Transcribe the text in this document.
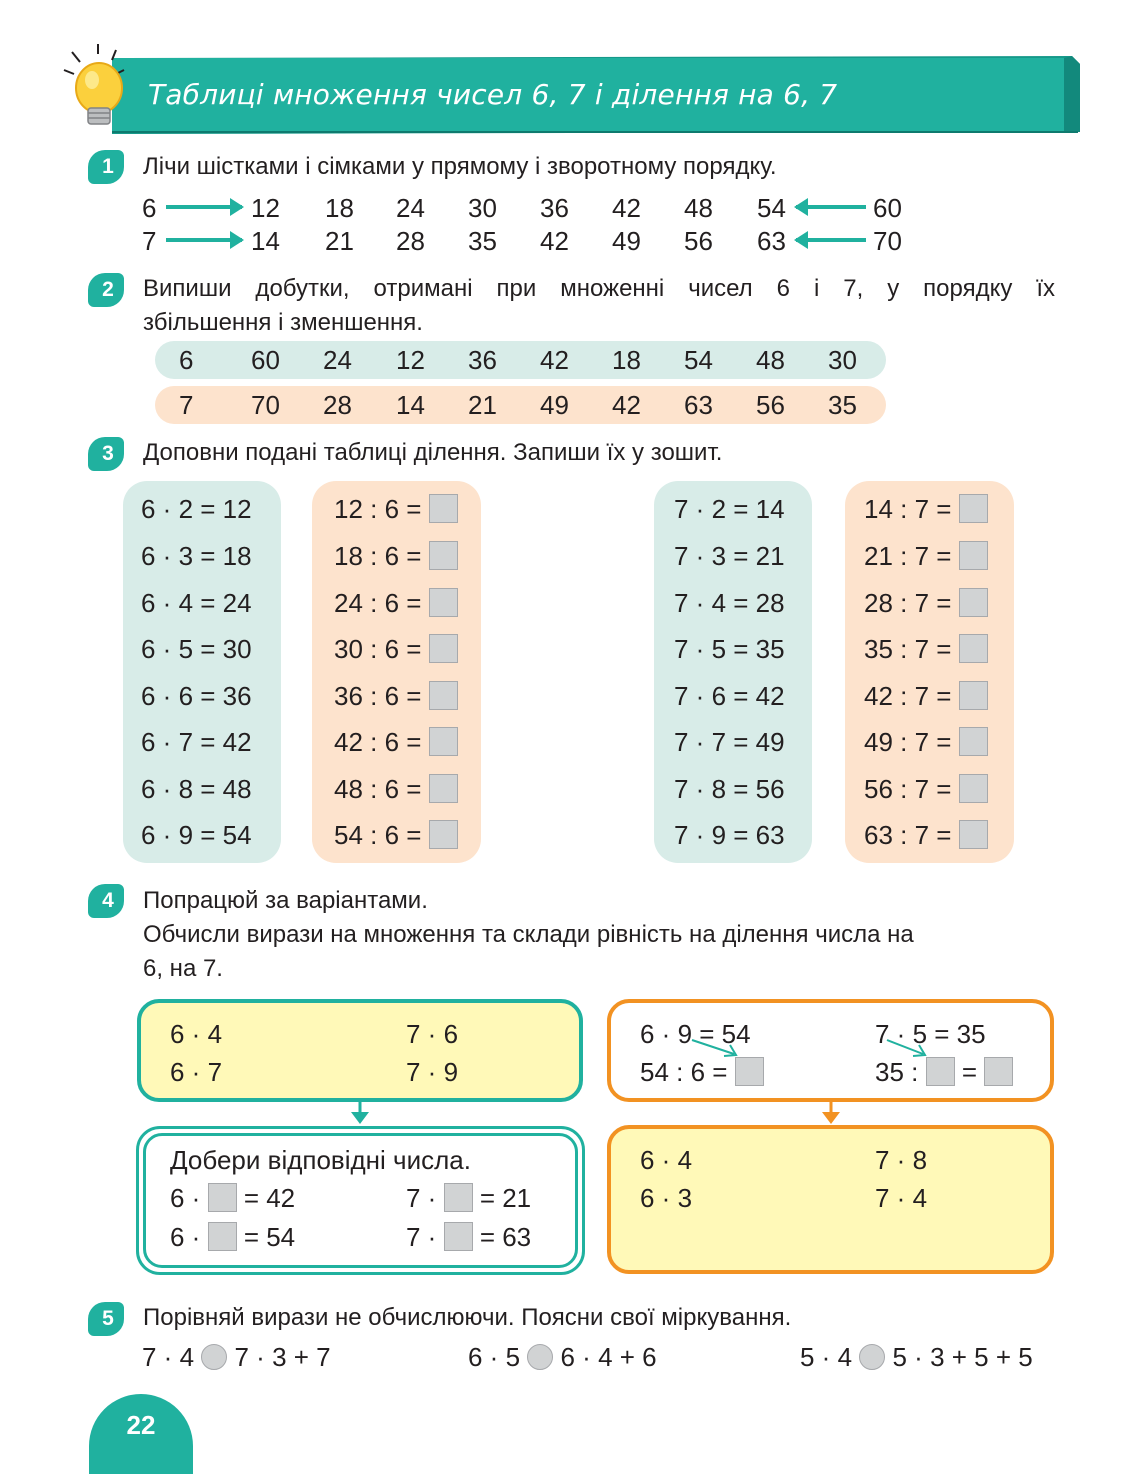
Таблиці множення чисел 6, 7 і ділення на 6, 7
1	Лічи шістками і сімками у прямому і зворотному порядку.
6	12 18 24 30 36 42 48 54	60
7	14 21 28 35 42 49 56 63	70
2	Випиши добутки, отримані при множенні чисел 6 і 7, у порядку їх
збільшення і зменшення.
6 60 24 12 36 42 18 54 48 30
7 70 28 14 21 49 42 63 56 35
3	Доповни подані таблиці ділення. Запиши їх у зошит.
6 · 2 = 12
6 · 3 = 18
6 · 4 = 24
6 · 5 = 30
6 · 6 = 36
6 · 7 = 42
6 · 8 = 48
6 · 9 = 54
12 : 6 =
18 : 6 =
24 : 6 =
30 : 6 =
36 : 6 =
42 : 6 =
48 : 6 =
54 : 6 =
7 · 2 = 14
7 · 3 = 21
7 · 4 = 28
7 · 5 = 35
7 · 6 = 42
7 · 7 = 49
7 · 8 = 56
7 · 9 = 63
14 : 7 =
21 : 7 =
28 : 7 =
35 : 7 =
42 : 7 =
49 : 7 =
56 : 7 =
63 : 7 =
4	Попрацюй за варіантами.
Обчисли вирази на множення та склади рівність на ділення числа на
6, на 7.
6 · 4	7 · 6
6 · 7	7 · 9
Добери відповідні числа.
6 · = 42	7 · = 21
6 · = 54	7 · = 63
6 · 9 = 54	7 · 5 = 35
54 : 6 =	35 : =
6 · 4	7 · 8
6 · 3	7 · 4
5	Порівняй вирази не обчислюючи. Поясни свої міркування.
7 · 4 7 · 3 + 7	6 · 5 6 · 4 + 6	5 · 4 5 · 3 + 5 + 5
22
